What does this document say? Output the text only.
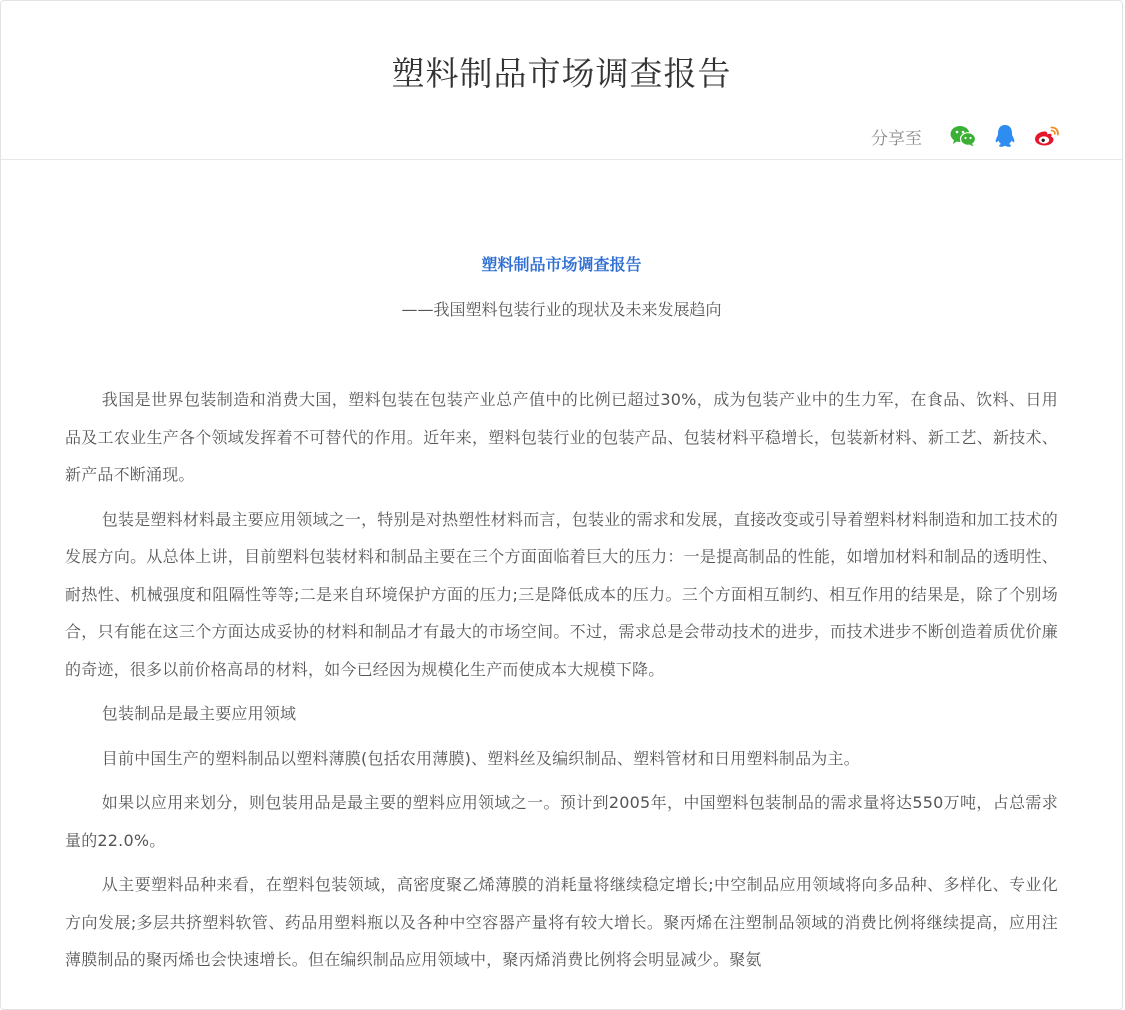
塑料制品市场调查报告
分享至
塑料制品市场调查报告

——我国塑料包装行业的现状及未来发展趋向

我国是世界包装制造和消费大国，塑料包装在包装产业总产值中的比例已超过30%，成为包装产业中的生力军，在食品、饮料、日用品及工农业生产各个领域发挥着不可替代的作用。近年来，塑料包装行业的包装产品、包装材料平稳增长，包装新材料、新工艺、新技术、新产品不断涌现。

包装是塑料材料最主要应用领域之一，特别是对热塑性材料而言，包装业的需求和发展，直接改变或引导着塑料材料制造和加工技术的发展方向。从总体上讲，目前塑料包装材料和制品主要在三个方面面临着巨大的压力：一是提高制品的性能，如增加材料和制品的透明性、耐热性、机械强度和阻隔性等等;二是来自环境保护方面的压力;三是降低成本的压力。三个方面相互制约、相互作用的结果是，除了个别场合，只有能在这三个方面达成妥协的材料和制品才有最大的市场空间。不过，需求总是会带动技术的进步，而技术进步不断创造着质优价廉的奇迹，很多以前价格高昂的材料，如今已经因为规模化生产而使成本大规模下降。

包装制品是最主要应用领域

目前中国生产的塑料制品以塑料薄膜(包括农用薄膜)、塑料丝及编织制品、塑料管材和日用塑料制品为主。

如果以应用来划分，则包装用品是最主要的塑料应用领域之一。预计到2005年，中国塑料包装制品的需求量将达550万吨，占总需求量的22.0%。

从主要塑料品种来看，在塑料包装领域，高密度聚乙烯薄膜的消耗量将继续稳定增长;中空制品应用领域将向多品种、多样化、专业化方向发展;多层共挤塑料软管、药品用塑料瓶以及各种中空容器产量将有较大增长。聚丙烯在注塑制品领域的消费比例将继续提高，应用注薄膜制品的聚丙烯也会快速增长。但在编织制品应用领域中，聚丙烯消费比例将会明显减少。聚氨
